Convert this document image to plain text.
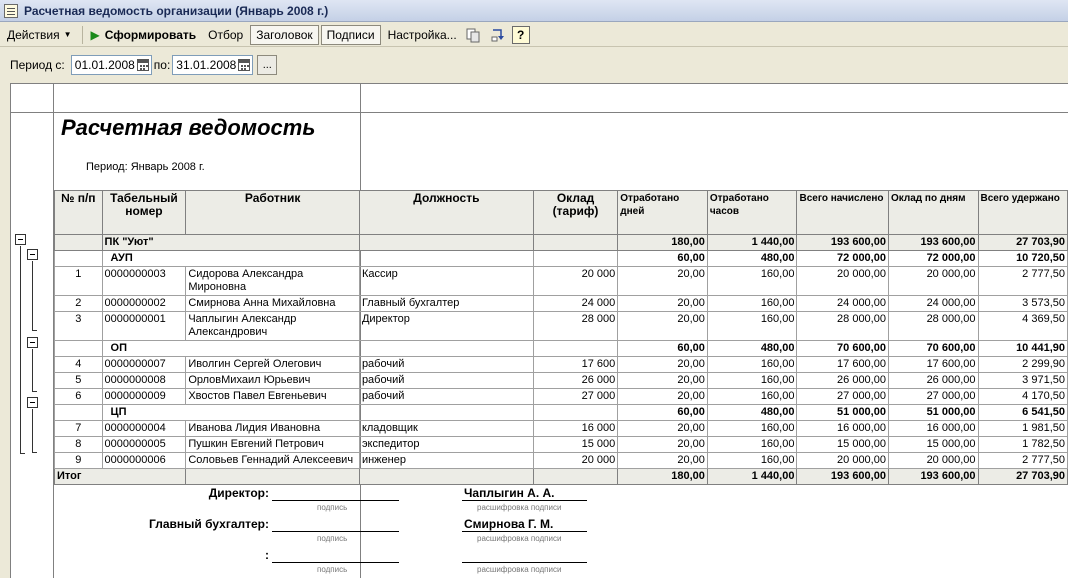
Расчетная ведомость организации (Январь 2008 г.)
Действия ▼ ▶ Сформировать	Отбор	Заголовок	Подписи	Настройка...	?
Период с: 01.01.2008 по: 31.01.2008	...
Расчетная ведомость
Период: Январь 2008 г.
№ п/п	Табельный номер	Работник	Должность	Оклад (тариф)	Отработано дней	Отработано часов	Всего начислено	Оклад по дням	Всего удержано
	ПК "Уют"				180,00	1 440,00	193 600,00	193 600,00	27 703,90
	АУП				60,00	480,00	72 000,00	72 000,00	10 720,50
1	0000000003	Сидорова Александра Мироновна	Кассир	20 000	20,00	160,00	20 000,00	20 000,00	2 777,50
2	0000000002	Смирнова Анна Михайловна	Главный бухгалтер	24 000	20,00	160,00	24 000,00	24 000,00	3 573,50
3	0000000001	Чаплыгин Александр Александрович	Директор	28 000	20,00	160,00	28 000,00	28 000,00	4 369,50
	ОП				60,00	480,00	70 600,00	70 600,00	10 441,90
4	0000000007	Иволгин Сергей Олегович	рабочий	17 600	20,00	160,00	17 600,00	17 600,00	2 299,90
5	0000000008	ОрловМихаил Юрьевич	рабочий	26 000	20,00	160,00	26 000,00	26 000,00	3 971,50
6	0000000009	Хвостов Павел Евгеньевич	рабочий	27 000	20,00	160,00	27 000,00	27 000,00	4 170,50
	ЦП				60,00	480,00	51 000,00	51 000,00	6 541,50
7	0000000004	Иванова Лидия Ивановна	кладовщик	16 000	20,00	160,00	16 000,00	16 000,00	1 981,50
8	0000000005	Пушкин Евгений Петрович	экспедитор	15 000	20,00	160,00	15 000,00	15 000,00	1 782,50
9	0000000006	Соловьев Геннадий Алексеевич	инженер	20 000	20,00	160,00	20 000,00	20 000,00	2 777,50
Итог					180,00	1 440,00	193 600,00	193 600,00	27 703,90
Директор:
подпись
Чаплыгин А. А.
расшифровка подписи
Главный бухгалтер:
подпись
Смирнова Г. М.
расшифровка подписи
:
подпись	расшифровка подписи
